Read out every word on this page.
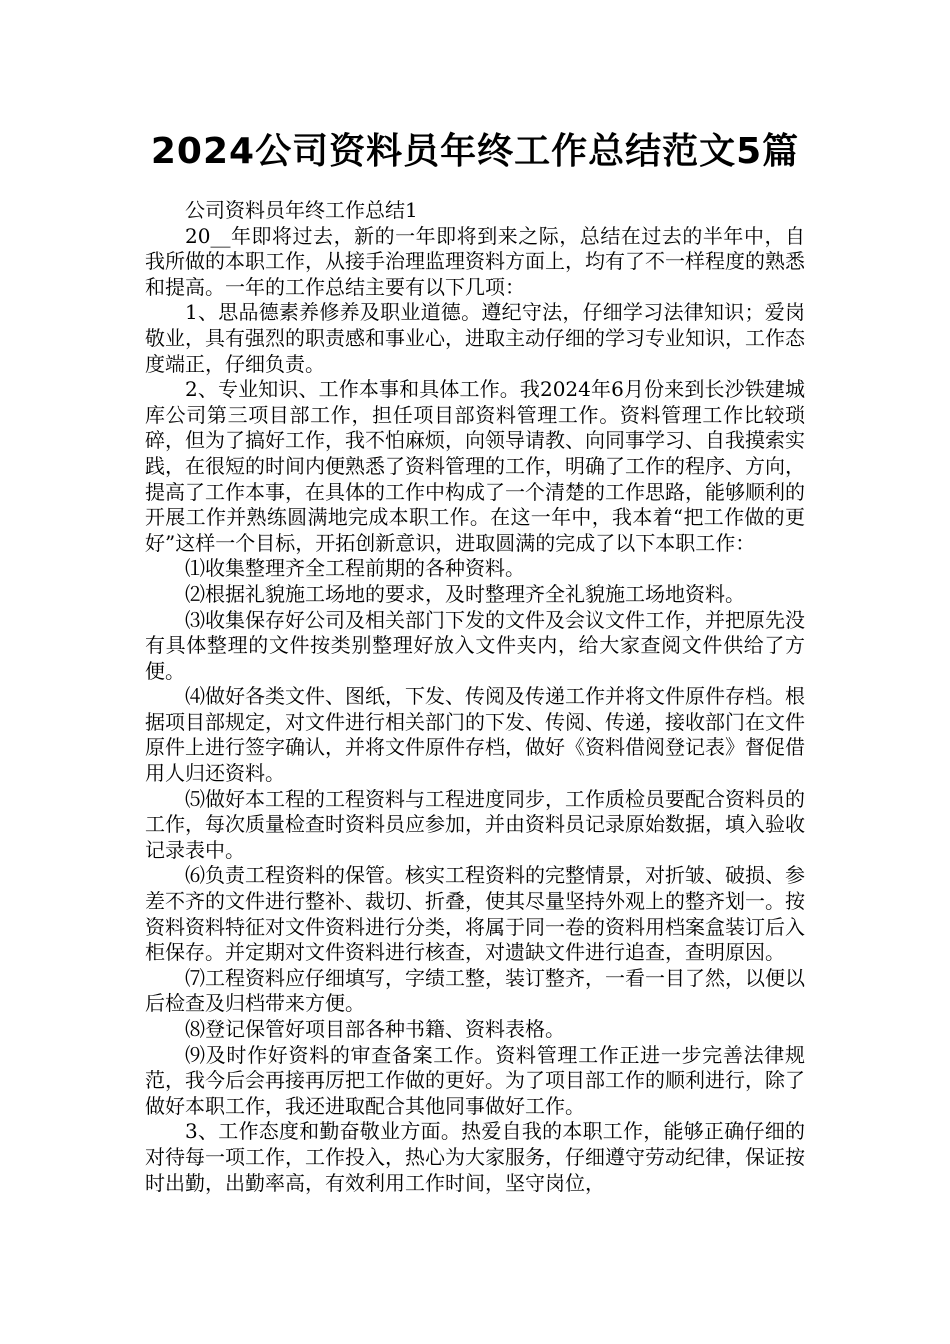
2024公司资料员年终工作总结范文5篇

公司资料员年终工作总结1

20__年即将过去，新的一年即将到来之际，总结在过去的半年中，自我所做的本职工作，从接手治理监理资料方面上，均有了不一样程度的熟悉和提高。一年的工作总结主要有以下几项：

1、思品德素养修养及职业道德。遵纪守法，仔细学习法律知识；爱岗敬业，具有强烈的职责感和事业心，进取主动仔细的学习专业知识，工作态度端正，仔细负责。

2、专业知识、工作本事和具体工作。我2024年6月份来到长沙铁建城库公司第三项目部工作，担任项目部资料管理工作。资料管理工作比较琐碎，但为了搞好工作，我不怕麻烦，向领导请教、向同事学习、自我摸索实践，在很短的时间内便熟悉了资料管理的工作，明确了工作的程序、方向，提高了工作本事，在具体的工作中构成了一个清楚的工作思路，能够顺利的开展工作并熟练圆满地完成本职工作。在这一年中，我本着“把工作做的更好”这样一个目标，开拓创新意识，进取圆满的完成了以下本职工作：

⑴收集整理齐全工程前期的各种资料。

⑵根据礼貌施工场地的要求，及时整理齐全礼貌施工场地资料。

⑶收集保存好公司及相关部门下发的文件及会议文件工作，并把原先没有具体整理的文件按类别整理好放入文件夹内，给大家查阅文件供给了方便。

⑷做好各类文件、图纸，下发、传阅及传递工作并将文件原件存档。根据项目部规定，对文件进行相关部门的下发、传阅、传递，接收部门在文件原件上进行签字确认，并将文件原件存档，做好《资料借阅登记表》督促借用人归还资料。

⑸做好本工程的工程资料与工程进度同步，工作质检员要配合资料员的工作，每次质量检查时资料员应参加，并由资料员记录原始数据，填入验收记录表中。

⑹负责工程资料的保管。核实工程资料的完整情景，对折皱、破损、参差不齐的文件进行整补、裁切、折叠，使其尽量坚持外观上的整齐划一。按资料资料特征对文件资料进行分类，将属于同一卷的资料用档案盒装订后入柜保存。并定期对文件资料进行核查，对遗缺文件进行追查，查明原因。

⑺工程资料应仔细填写，字绩工整，装订整齐，一看一目了然，以便以后检查及归档带来方便。

⑻登记保管好项目部各种书籍、资料表格。

⑼及时作好资料的审查备案工作。资料管理工作正进一步完善法律规范，我今后会再接再厉把工作做的更好。为了项目部工作的顺利进行，除了做好本职工作，我还进取配合其他同事做好工作。

3、工作态度和勤奋敬业方面。热爱自我的本职工作，能够正确仔细的对待每一项工作，工作投入，热心为大家服务，仔细遵守劳动纪律，保证按时出勤，出勤率高，有效利用工作时间，坚守岗位，
